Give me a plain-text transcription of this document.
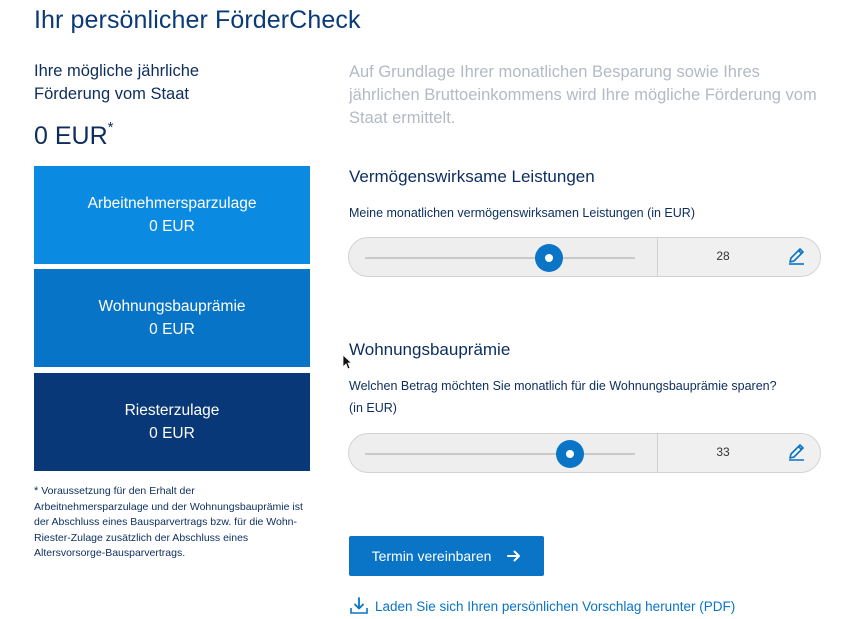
Ihr persönlicher FörderCheck
Ihre mögliche jährliche
Förderung vom Staat
0 EUR*
Arbeitnehmersparzulage
0 EUR
Wohnungsbauprämie
0 EUR
Riesterzulage
0 EUR
* Voraussetzung für den Erhalt der Arbeitnehmersparzulage und der Wohnungsbauprämie ist der Abschluss eines Bausparvertrags bzw. für die Wohn-Riester-Zulage zusätzlich der Abschluss eines Altersvorsorge-Bausparvertrags.
Auf Grundlage Ihrer monatlichen Besparung sowie Ihres jährlichen Bruttoeinkommens wird Ihre mögliche Förderung vom Staat ermittelt.
Vermögenswirksame Leistungen
Meine monatlichen vermögenswirksamen Leistungen (in EUR)
28
Wohnungsbauprämie
Welchen Betrag möchten Sie monatlich für die Wohnungsbauprämie sparen?
(in EUR)
33
Termin vereinbaren
Laden Sie sich Ihren persönlichen Vorschlag herunter (PDF)
